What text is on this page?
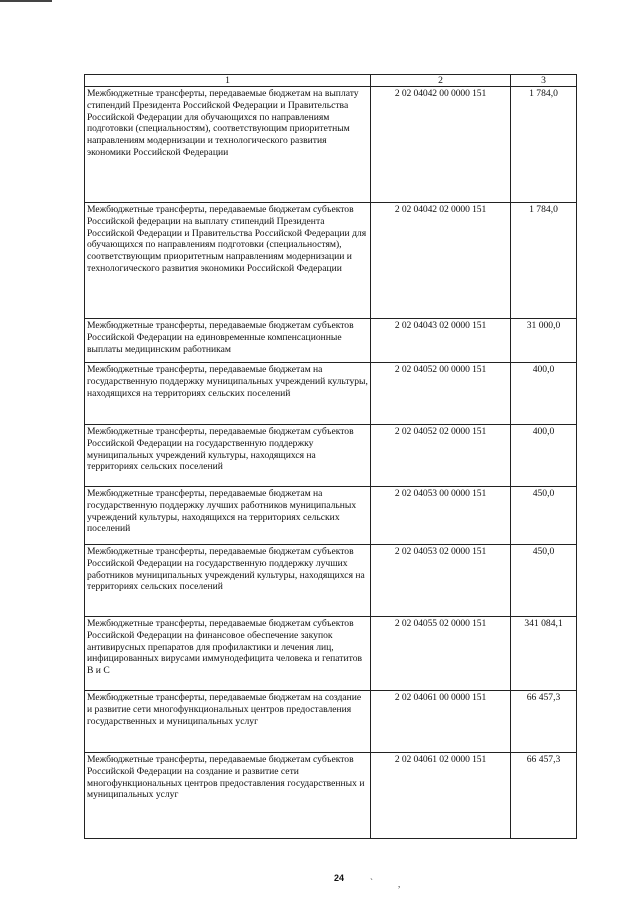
1	2	3
Межбюджетные трансферты, передаваемые бюджетам на выплату стипендий Президента Российской Федерации и Правительства Российской Федерации для обучающихся по направлениям подготовки (специальностям), соответствующим приоритетным направлениям модернизации и технологического развития экономики Российской Федерации	2 02 04042 00 0000 151	1 784,0
Межбюджетные трансферты, передаваемые бюджетам субъектов Российской федерации на выплату стипендий Президента Российской Федерации и Правительства Российской Федерации для обучающихся по направлениям подготовки (специальностям), соответствующим приоритетным направлениям модернизации и технологического развития экономики Российской Федерации	2 02 04042 02 0000 151	1 784,0
Межбюджетные трансферты, передаваемые бюджетам субъектов Российской Федерации на единовременные компенсационные выплаты медицинским работникам	2 02 04043 02 0000 151	31 000,0
Межбюджетные трансферты, передаваемые бюджетам на государственную поддержку муниципальных учреждений культуры, находящихся на территориях сельских поселений	2 02 04052 00 0000 151	400,0
Межбюджетные трансферты, передаваемые бюджетам субъектов Российской Федерации на государственную поддержку муниципальных учреждений культуры, находящихся на территориях сельских поселений	2 02 04052 02 0000 151	400,0
Межбюджетные трансферты, передаваемые бюджетам на государственную поддержку лучших работников муниципальных учреждений культуры, находящихся на территориях сельских поселений	2 02 04053 00 0000 151	450,0
Межбюджетные трансферты, передаваемые бюджетам субъектов Российской Федерации на государственную поддержку лучших работников муниципальных учреждений культуры, находящихся на территориях сельских поселений	2 02 04053 02 0000 151	450,0
Межбюджетные трансферты, передаваемые бюджетам субъектов Российской Федерации на финансовое обеспечение закупок антивирусных препаратов для профилактики и лечения лиц, инфицированных вирусами иммунодефицита человека и гепатитов В и С	2 02 04055 02 0000 151	341 084,1
Межбюджетные трансферты, передаваемые бюджетам на создание и развитие сети многофункциональных центров предоставления государственных и муниципальных услуг	2 02 04061 00 0000 151	66 457,3
Межбюджетные трансферты, передаваемые бюджетам субъектов Российской Федерации на создание и развитие сети многофункциональных центров предоставления государственных и муниципальных услуг	2 02 04061 02 0000 151	66 457,3
24	`	,
